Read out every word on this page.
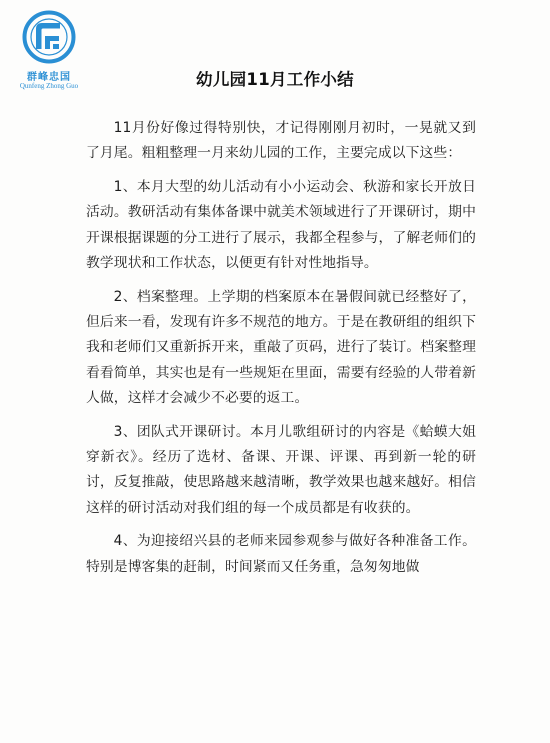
群峰忠国
Qunfeng Zhong Guo	幼儿园11月工作小结

11月份好像过得特别快，才记得刚刚月初时，一晃就又到了月尾。粗粗整理一月来幼儿园的工作，主要完成以下这些：

1、本月大型的幼儿活动有小小运动会、秋游和家长开放日活动。教研活动有集体备课中就美术领域进行了开课研讨，期中开课根据课题的分工进行了展示，我都全程参与，了解老师们的教学现状和工作状态，以便更有针对性地指导。

2、档案整理。上学期的档案原本在暑假间就已经整好了，但后来一看，发现有许多不规范的地方。于是在教研组的组织下我和老师们又重新拆开来，重敲了页码，进行了装订。档案整理看看简单，其实也是有一些规矩在里面，需要有经验的人带着新人做，这样才会减少不必要的返工。

3、团队式开课研讨。本月儿歌组研讨的内容是《蛤蟆大姐穿新衣》。经历了选材、备课、开课、评课、再到新一轮的研讨，反复推敲，使思路越来越清晰，教学效果也越来越好。相信这样的研讨活动对我们组的每一个成员都是有收获的。

4、为迎接绍兴县的老师来园参观参与做好各种准备工作。特别是博客集的赶制，时间紧而又任务重，急匆匆地做
